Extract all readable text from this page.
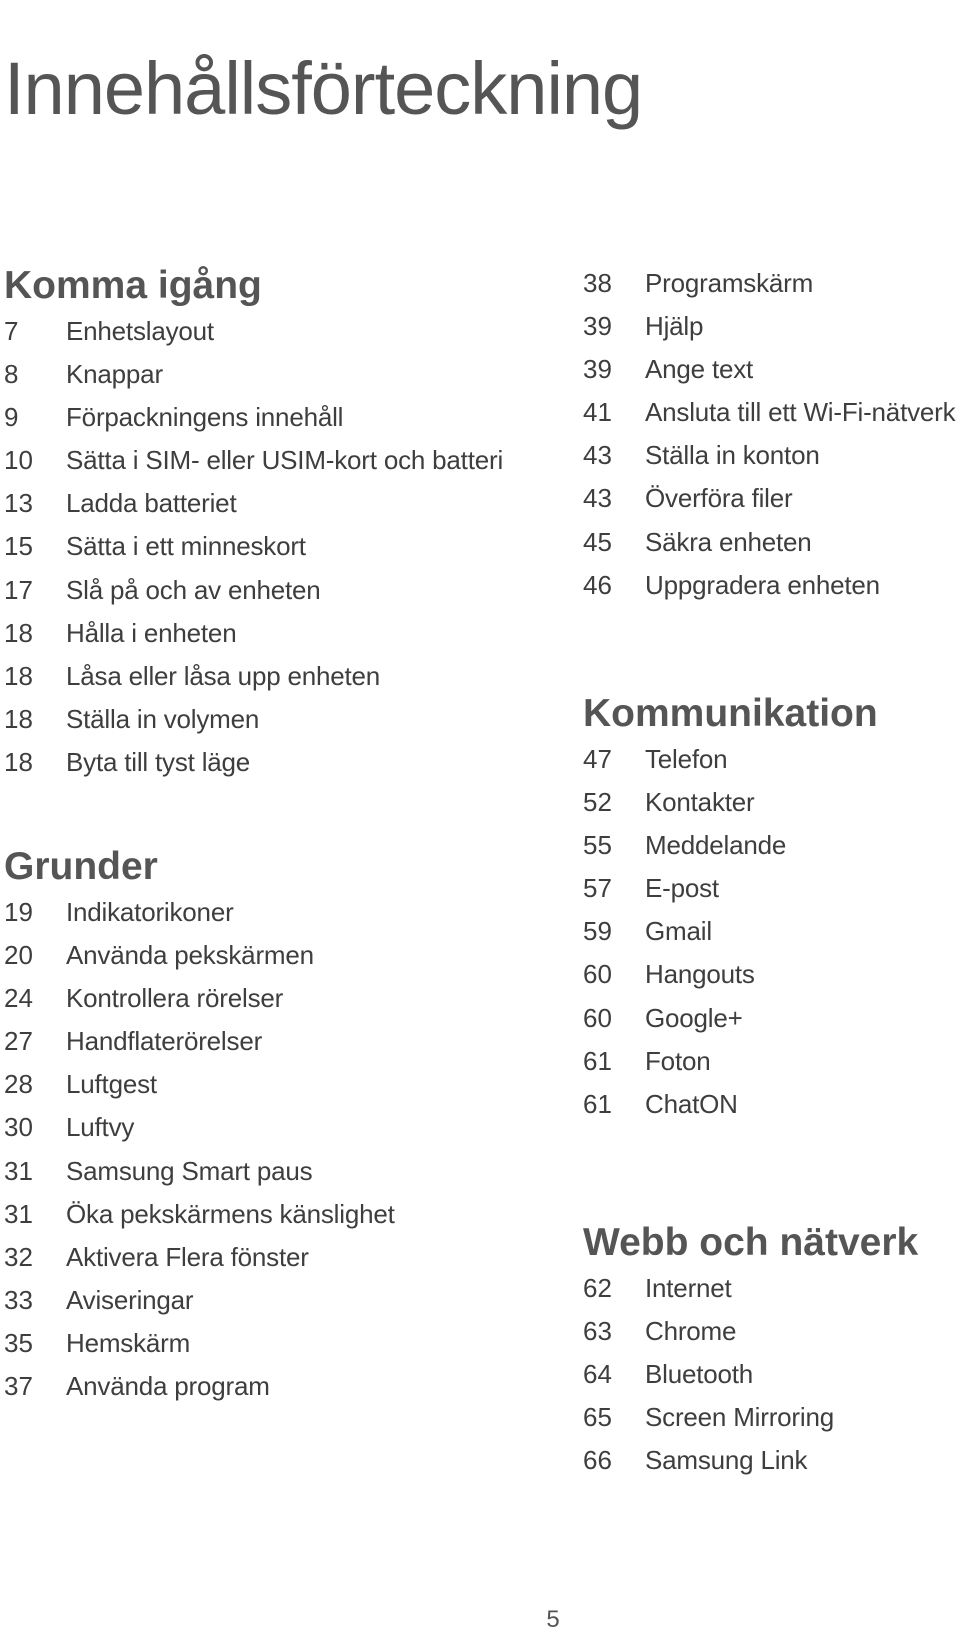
Innehållsförteckning
Komma igång
7	Enhetslayout
8	Knappar
9	Förpackningens innehåll
10	Sätta i SIM- eller USIM-kort och batteri
13	Ladda batteriet
15	Sätta i ett minneskort
17	Slå på och av enheten
18	Hålla i enheten
18	Låsa eller låsa upp enheten
18	Ställa in volymen
18	Byta till tyst läge
Grunder
19	Indikatorikoner
20	Använda pekskärmen
24	Kontrollera rörelser
27	Handflaterörelser
28	Luftgest
30	Luftvy
31	Samsung Smart paus
31	Öka pekskärmens känslighet
32	Aktivera Flera fönster
33	Aviseringar
35	Hemskärm
37	Använda program
38	Programskärm
39	Hjälp
39	Ange text
41	Ansluta till ett Wi-Fi-nätverk
43	Ställa in konton
43	Överföra filer
45	Säkra enheten
46	Uppgradera enheten
Kommunikation
47	Telefon
52	Kontakter
55	Meddelande
57	E-post
59	Gmail
60	Hangouts
60	Google+
61	Foton
61	ChatON
Webb och nätverk
62	Internet
63	Chrome
64	Bluetooth
65	Screen Mirroring
66	Samsung Link
5
